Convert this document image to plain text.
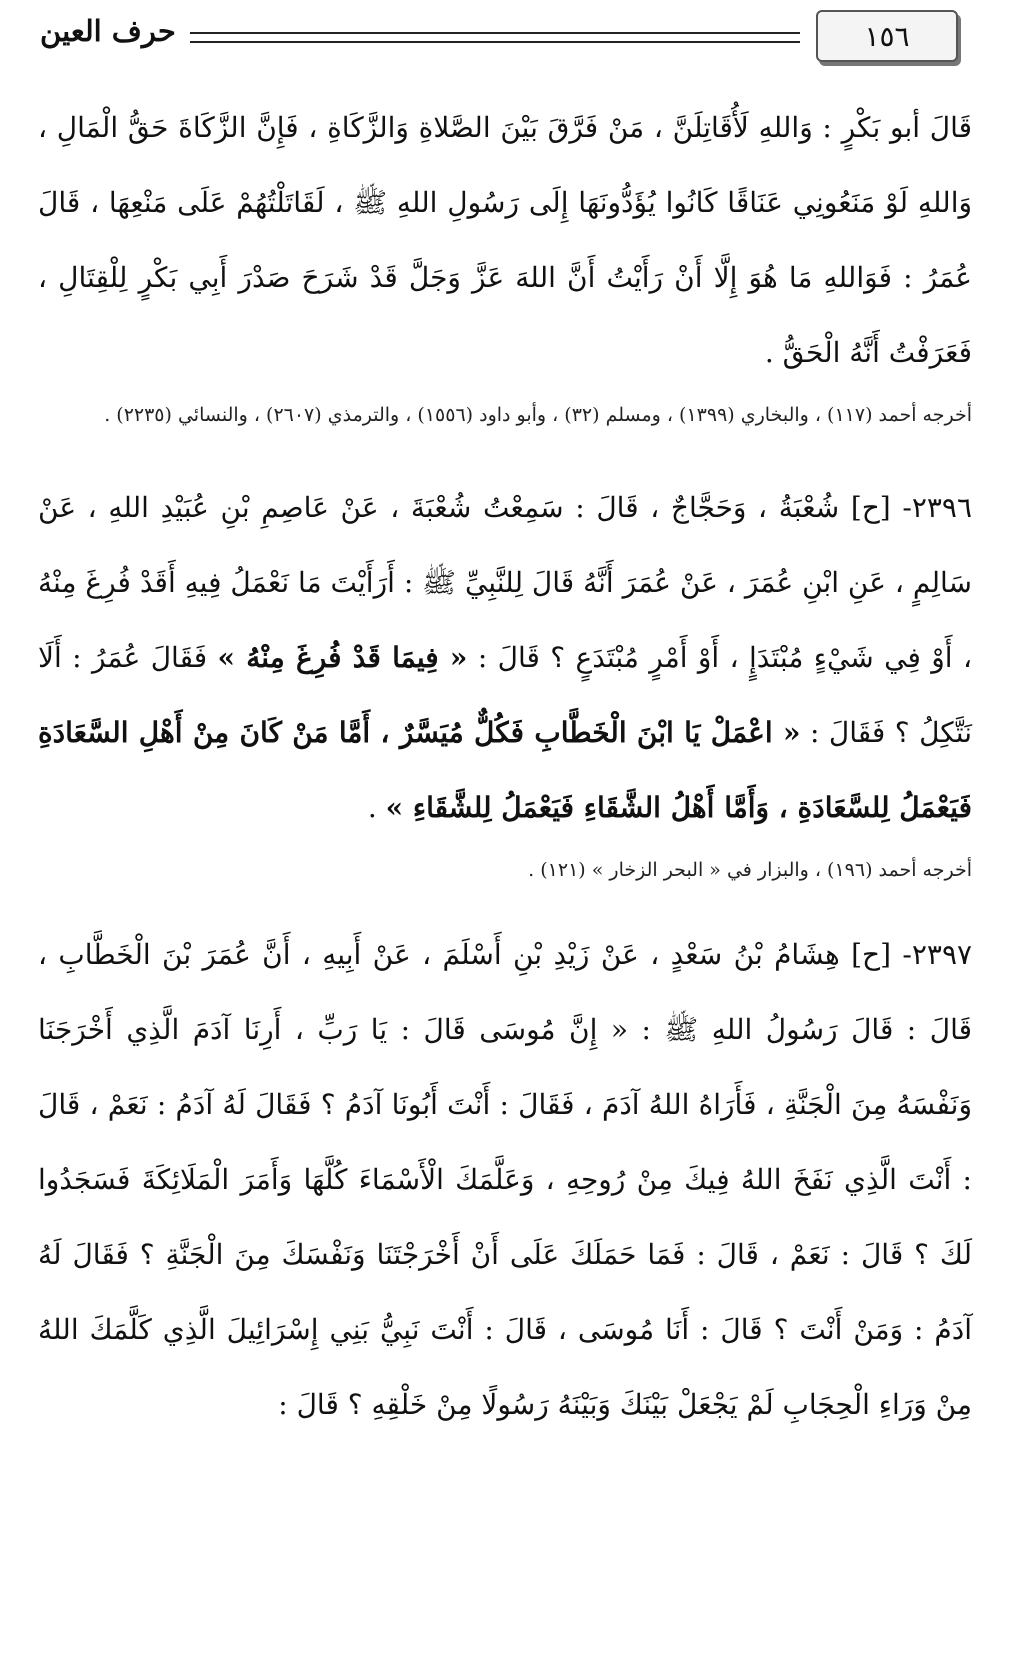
١٥٦
حرف العين

قَالَ أبو بَكْرٍ : وَاللهِ لَأُقَاتِلَنَّ ، مَنْ فَرَّقَ بَيْنَ الصَّلاةِ وَالزَّكَاةِ ، فَإِنَّ الزَّكَاةَ حَقُّ الْمَالِ ، وَاللهِ لَوْ مَنَعُونِي عَنَاقًا كَانُوا يُؤَدُّونَهَا إِلَى رَسُولِ اللهِ ﷺ ، لَقَاتَلْتُهُمْ عَلَى مَنْعِهَا ، قَالَ عُمَرُ : فَوَاللهِ مَا هُوَ إِلَّا أَنْ رَأَيْتُ أَنَّ اللهَ عَزَّ وَجَلَّ قَدْ شَرَحَ صَدْرَ أَبِي بَكْرٍ لِلْقِتَالِ ، فَعَرَفْتُ أَنَّهُ الْحَقُّ .

أخرجه أحمد (١١٧) ، والبخاري (١٣٩٩) ، ومسلم (٣٢) ، وأبو داود (١٥٥٦) ، والترمذي (٢٦٠٧) ، والنسائي (٢٢٣٥) .

٢٣٩٦- [ح] شُعْبَةُ ، وَحَجَّاجٌ ، قَالَ : سَمِعْتُ شُعْبَةَ ، عَنْ عَاصِمِ بْنِ عُبَيْدِ اللهِ ، عَنْ سَالِمٍ ، عَنِ ابْنِ عُمَرَ ، عَنْ عُمَرَ أَنَّهُ قَالَ لِلنَّبِيِّ ﷺ : أَرَأَيْتَ مَا نَعْمَلُ فِيهِ أَقَدْ فُرِغَ مِنْهُ ، أَوْ فِي شَيْءٍ مُبْتَدَإٍ ، أَوْ أَمْرٍ مُبْتَدَعٍ ؟ قَالَ : « فِيمَا قَدْ فُرِغَ مِنْهُ » فَقَالَ عُمَرُ : أَلَا نَتَّكِلُ ؟ فَقَالَ : « اعْمَلْ يَا ابْنَ الْخَطَّابِ فَكُلٌّ مُيَسَّرٌ ، أَمَّا مَنْ كَانَ مِنْ أَهْلِ السَّعَادَةِ فَيَعْمَلُ لِلسَّعَادَةِ ، وَأَمَّا أَهْلُ الشَّقَاءِ فَيَعْمَلُ لِلشَّقَاءِ » .

أخرجه أحمد (١٩٦) ، والبزار في « البحر الزخار » (١٢١) .

٢٣٩٧- [ح] هِشَامُ بْنُ سَعْدٍ ، عَنْ زَيْدِ بْنِ أَسْلَمَ ، عَنْ أَبِيهِ ، أَنَّ عُمَرَ بْنَ الْخَطَّابِ ، قَالَ : قَالَ رَسُولُ اللهِ ﷺ : « إِنَّ مُوسَى قَالَ : يَا رَبِّ ، أَرِنَا آدَمَ الَّذِي أَخْرَجَنَا وَنَفْسَهُ مِنَ الْجَنَّةِ ، فَأَرَاهُ اللهُ آدَمَ ، فَقَالَ : أَنْتَ أَبُونَا آدَمُ ؟ فَقَالَ لَهُ آدَمُ : نَعَمْ ، قَالَ : أَنْتَ الَّذِي نَفَخَ اللهُ فِيكَ مِنْ رُوحِهِ ، وَعَلَّمَكَ الْأَسْمَاءَ كُلَّهَا وَأَمَرَ الْمَلَائِكَةَ فَسَجَدُوا لَكَ ؟ قَالَ : نَعَمْ ، قَالَ : فَمَا حَمَلَكَ عَلَى أَنْ أَخْرَجْتَنَا وَنَفْسَكَ مِنَ الْجَنَّةِ ؟ فَقَالَ لَهُ آدَمُ : وَمَنْ أَنْتَ ؟ قَالَ : أَنَا مُوسَى ، قَالَ : أَنْتَ نَبِيُّ بَنِي إِسْرَائِيلَ الَّذِي كَلَّمَكَ اللهُ مِنْ وَرَاءِ الْحِجَابِ لَمْ يَجْعَلْ بَيْنَكَ وَبَيْنَهُ رَسُولًا مِنْ خَلْقِهِ ؟ قَالَ :
